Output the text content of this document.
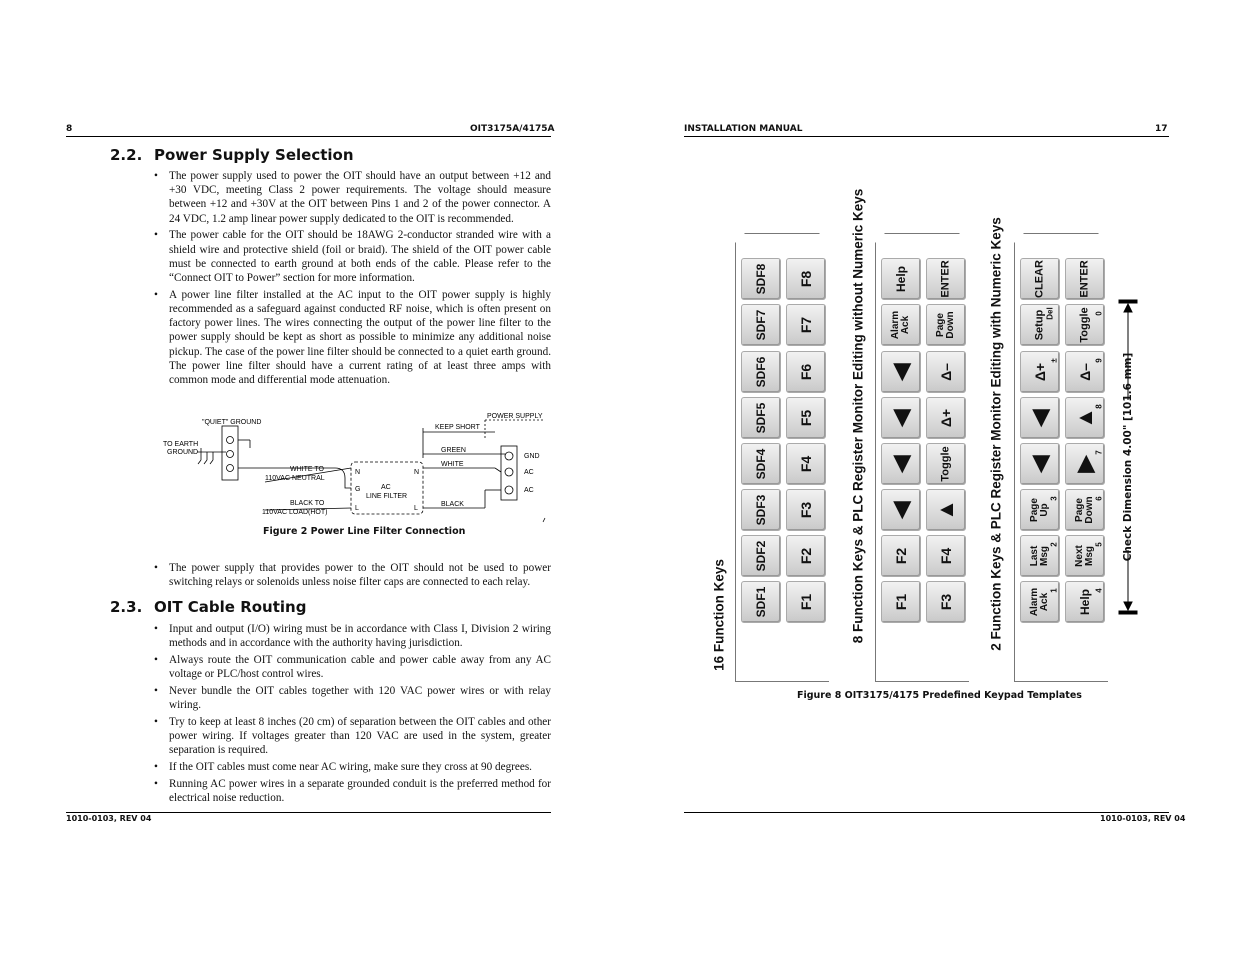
8	OIT3175A/4175A
2.2. Power Supply Selection
• The power supply used to power the OIT should have an output between +12 and +30 VDC, meeting Class 2 power requirements. The voltage should measure between +12 and +30V at the OIT between Pins 1 and 2 of the power connector. A 24 VDC, 1.2 amp linear power supply dedicated to the OIT is recommended.
• The power cable for the OIT should be 18AWG 2-conductor stranded wire with a shield wire and protective shield (foil or braid). The shield of the OIT power cable must be connected to earth ground at both ends of the cable. Please refer to the “Connect OIT to Power” section for more information.
• A power line filter installed at the AC input to the OIT power supply is highly recommended as a safeguard against conducted RF noise, which is often present on factory power lines. The wires connecting the output of the power line filter to the power supply should be kept as short as possible to minimize any additional noise pickup. The case of the power line filter should be connected to a quiet earth ground. The power line filter should have a current rating of at least three amps with common mode and differential mode attenuation.
"QUIET" GROUND
TO EARTH
GROUND
WHITE TO
110VAC NEUTRAL
BLACK TO
110VAC LOAD(HOT)
AC
LINE FILTER
N
G
L
N
L
POWER SUPPLY
KEEP SHORT
GREEN
WHITE
BLACK
GND
AC
AC
Figure 2 Power Line Filter Connection
• The power supply that provides power to the OIT should not be used to power switching relays or solenoids unless noise filter caps are connected to each relay.
2.3. OIT Cable Routing
• Input and output (I/O) wiring must be in accordance with Class I, Division 2 wiring methods and in accordance with the authority having jurisdiction.
• Always route the OIT communication cable and power cable away from any AC voltage or PLC/host control wires.
• Never bundle the OIT cables together with 120 VAC power wires or with relay wiring.
• Try to keep at least 8 inches (20 cm) of separation between the OIT cables and other power wiring. If voltages greater than 120 VAC are used in the system, greater separation is required.
• If the OIT cables must come near AC wiring, make sure they cross at 90 degrees.
• Running AC power wires in a separate grounded conduit is the preferred method for electrical noise reduction.
1010-0103, REV 04
INSTALLATION MANUAL	17
16 Function Keys	8 Function Keys & PLC Register Monitor Editing without Numeric Keys	2 Function Keys & PLC Register Monitor Editing with Numeric Keys
SDF1
SDF2
SDF3
SDF4
SDF5
SDF6
SDF7
SDF8
F1
F2
F3
F4
F5
F6
F7
F8
F1
F2
◀
◀
◀
◀
Alarm
Ack
Help
F3
F4
▲
Toggle
Δ+
Δ–
Page
Down
ENTER
Alarm
Ack
1
Last
Msg
2
Page
Up
3
◀
◀
Δ+
±
Setup Del
CLEAR
Help 4
Next
Msg
5
Page
Down 6
▶
7
▲
8
Δ–
9
Toggle 0
ENTER
Check Dimension 4.00" [101.6 mm]
Figure 8 OIT3175/4175 Predefined Keypad Templates
1010-0103, REV 04
